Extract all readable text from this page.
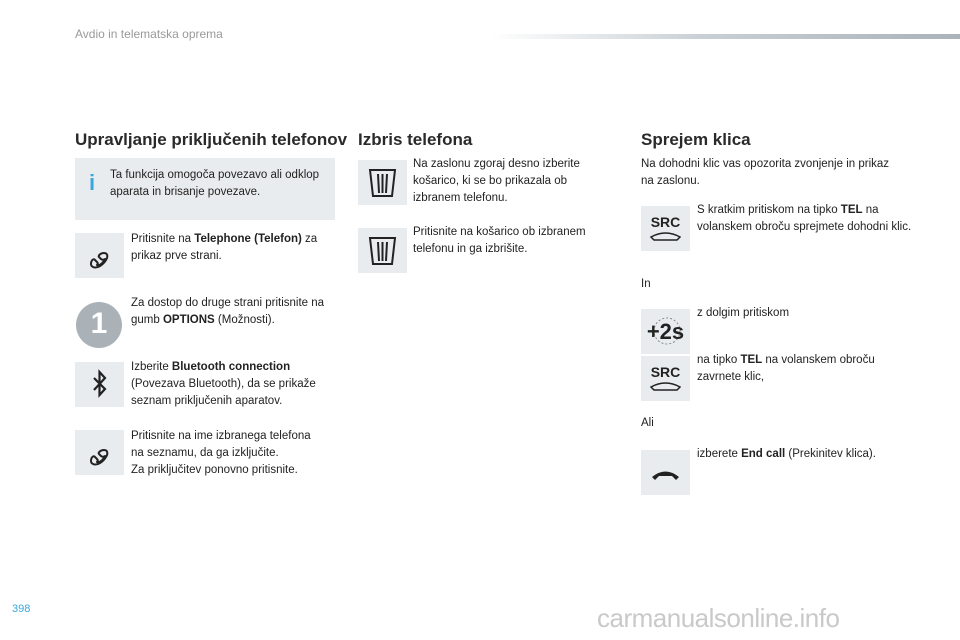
Avdio in telematska oprema
Upravljanje priključenih telefonov
i Ta funkcija omogoča povezavo ali odklop aparata in brisanje povezave.
Pritisnite na Telephone (Telefon) za prikaz prve strani.
1
Za dostop do druge strani pritisnite na gumb OPTIONS (Možnosti).
Izberite Bluetooth connection (Povezava Bluetooth), da se prikaže seznam priključenih aparatov.
Pritisnite na ime izbranega telefona
na seznamu, da ga izključite.
Za priključitev ponovno pritisnite.
Izbris telefona
Na zaslonu zgoraj desno izberite košarico, ki se bo prikazala ob izbranem telefonu.
Pritisnite na košarico ob izbranem telefonu in ga izbrišite.
Sprejem klica
Na dohodni klic vas opozorita zvonjenje in prikaz na zaslonu.
SRC
S kratkim pritiskom na tipko TEL na volanskem obroču sprejmete dohodni klic.
In
+2s
z dolgim pritiskom
SRC
na tipko TEL na volanskem obroču zavrnete klic,
Ali
izberete End call (Prekinitev klica).
398	carmanualsonline.info
